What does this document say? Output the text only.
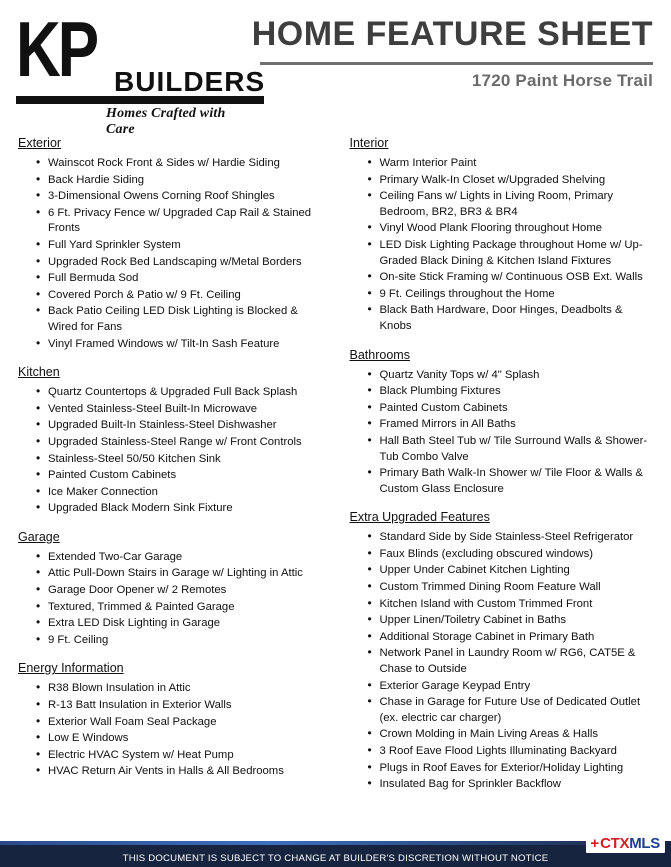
KP BUILDERS
Homes Crafted with Care
HOME FEATURE SHEET
1720 Paint Horse Trail
Exterior
• Wainscot Rock Front & Sides w/ Hardie Siding
• Back Hardie Siding
• 3-Dimensional Owens Corning Roof Shingles
• 6 Ft. Privacy Fence w/ Upgraded Cap Rail & Stained Fronts
• Full Yard Sprinkler System
• Upgraded Rock Bed Landscaping w/Metal Borders
• Full Bermuda Sod
• Covered Porch & Patio w/ 9 Ft. Ceiling
• Back Patio Ceiling LED Disk Lighting is Blocked & Wired for Fans
• Vinyl Framed Windows w/ Tilt-In Sash Feature
Kitchen
• Quartz Countertops & Upgraded Full Back Splash
• Vented Stainless-Steel Built-In Microwave
• Upgraded Built-In Stainless-Steel Dishwasher
• Upgraded Stainless-Steel Range w/ Front Controls
• Stainless-Steel 50/50 Kitchen Sink
• Painted Custom Cabinets
• Ice Maker Connection
• Upgraded Black Modern Sink Fixture
Garage
• Extended Two-Car Garage
• Attic Pull-Down Stairs in Garage w/ Lighting in Attic
• Garage Door Opener w/ 2 Remotes
• Textured, Trimmed & Painted Garage
• Extra LED Disk Lighting in Garage
• 9 Ft. Ceiling
Energy Information
• R38 Blown Insulation in Attic
• R-13 Batt Insulation in Exterior Walls
• Exterior Wall Foam Seal Package
• Low E Windows
• Electric HVAC System w/ Heat Pump
• HVAC Return Air Vents in Halls & All Bedrooms
Interior
• Warm Interior Paint
• Primary Walk-In Closet w/Upgraded Shelving
• Ceiling Fans w/ Lights in Living Room, Primary Bedroom, BR2, BR3 & BR4
• Vinyl Wood Plank Flooring throughout Home
• LED Disk Lighting Package throughout Home w/ Up-Graded Black Dining & Kitchen Island Fixtures
• On-site Stick Framing w/ Continuous OSB Ext. Walls
• 9 Ft. Ceilings throughout the Home
• Black Bath Hardware, Door Hinges, Deadbolts & Knobs
Bathrooms
• Quartz Vanity Tops w/ 4" Splash
• Black Plumbing Fixtures
• Painted Custom Cabinets
• Framed Mirrors in All Baths
• Hall Bath Steel Tub w/ Tile Surround Walls & Shower-Tub Combo Valve
• Primary Bath Walk-In Shower w/ Tile Floor & Walls & Custom Glass Enclosure
Extra Upgraded Features
• Standard Side by Side Stainless-Steel Refrigerator
• Faux Blinds (excluding obscured windows)
• Upper Under Cabinet Kitchen Lighting
• Custom Trimmed Dining Room Feature Wall
• Kitchen Island with Custom Trimmed Front
• Upper Linen/Toiletry Cabinet in Baths
• Additional Storage Cabinet in Primary Bath
• Network Panel in Laundry Room w/ RG6, CAT5E & Chase to Outside
• Exterior Garage Keypad Entry
• Chase in Garage for Future Use of Dedicated Outlet (ex. electric car charger)
• Crown Molding in Main Living Areas & Halls
• 3 Roof Eave Flood Lights Illuminating Backyard
• Plugs in Roof Eaves for Exterior/Holiday Lighting
• Insulated Bag for Sprinkler Backflow
THIS DOCUMENT IS SUBJECT TO CHANGE AT BUILDER'S DISCRETION WITHOUT NOTICE
+ CTX MLS
